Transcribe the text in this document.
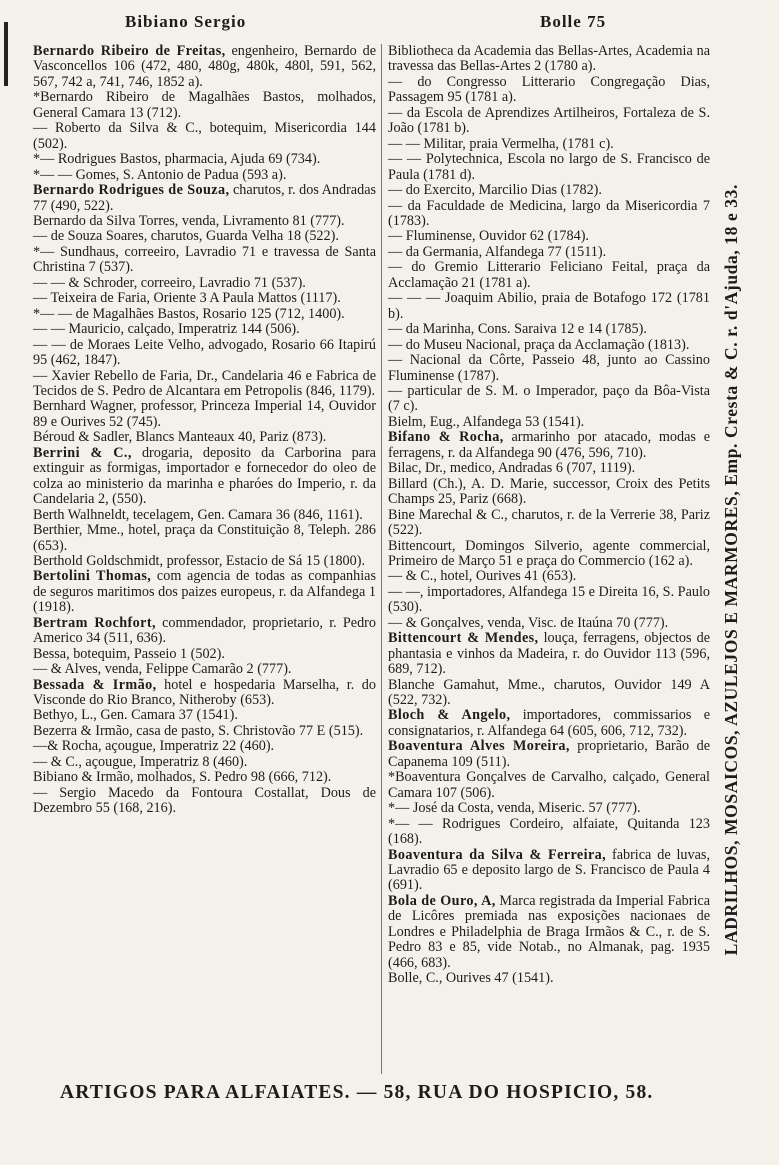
Bibiano Sergio	Bolle 75
Bernardo Ribeiro de Freitas, engenheiro, Bernardo de Vasconcellos 106 (472, 480, 480g, 480k, 480l, 591, 562, 567, 742 a, 741, 746, 1852 a).
*Bernardo Ribeiro de Magalhães Bastos, molhados, General Camara 13 (712).
— Roberto da Silva & C., botequim, Misericordia 144 (502).
*— Rodrigues Bastos, pharmacia, Ajuda 69 (734).
*— — Gomes, S. Antonio de Padua (593 a).
Bernardo Rodrigues de Souza, charutos, r. dos Andradas 77 (490, 522).
Bernardo da Silva Torres, venda, Livramento 81 (777).
— de Souza Soares, charutos, Guarda Velha 18 (522).
*— Sundhaus, correeiro, Lavradio 71 e travessa de Santa Christina 7 (537).
— — & Schroder, correeiro, Lavradio 71 (537).
— Teixeira de Faria, Oriente 3 A Paula Mattos (1117).
*— — de Magalhães Bastos, Rosario 125 (712, 1400).
— — Mauricio, calçado, Imperatriz 144 (506).
— — de Moraes Leite Velho, advogado, Rosario 66 Itapirú 95 (462, 1847).
— Xavier Rebello de Faria, Dr., Candelaria 46 e Fabrica de Tecidos de S. Pedro de Alcantara em Petropolis (846, 1179).
Bernhard Wagner, professor, Princeza Imperial 14, Ouvidor 89 e Ourives 52 (745).
Béroud & Sadler, Blancs Manteaux 40, Pariz (873).
Berrini & C., drogaria, deposito da Carborina para extinguir as formigas, importador e fornecedor do oleo de colza ao ministerio da marinha e pharóes do Imperio, r. da Candelaria 2, (550).
Berth Walhneldt, tecelagem, Gen. Camara 36 (846, 1161).
Berthier, Mme., hotel, praça da Constituição 8, Teleph. 286 (653).
Berthold Goldschmidt, professor, Estacio de Sá 15 (1800).
Bertolini Thomas, com agencia de todas as companhias de seguros maritimos dos paizes europeus, r. da Alfandega 1 (1918).
Bertram Rochfort, commendador, proprietario, r. Pedro Americo 34 (511, 636).
Bessa, botequim, Passeio 1 (502).
— & Alves, venda, Felippe Camarão 2 (777).
Bessada & Irmão, hotel e hospedaria Marselha, r. do Visconde do Rio Branco, Nitheroby (653).
Bethyo, L., Gen. Camara 37 (1541).
Bezerra & Irmão, casa de pasto, S. Christovão 77 E (515).
—& Rocha, açougue, Imperatriz 22 (460).
— & C., açougue, Imperatriz 8 (460).
Bibiano & Irmão, molhados, S. Pedro 98 (666, 712).
— Sergio Macedo da Fontoura Costallat, Dous de Dezembro 55 (168, 216).
Bibliotheca da Academia das Bellas-Artes, Academia na travessa das Bellas-Artes 2 (1780 a).
— do Congresso Litterario Congregação Dias, Passagem 95 (1781 a).
— da Escola de Aprendizes Artilheiros, Fortaleza de S. João (1781 b).
— — Militar, praia Vermelha, (1781 c).
— — Polytechnica, Escola no largo de S. Francisco de Paula (1781 d).
— do Exercito, Marcilio Dias (1782).
— da Faculdade de Medicina, largo da Misericordia 7 (1783).
— Fluminense, Ouvidor 62 (1784).
— da Germania, Alfandega 77 (1511).
— do Gremio Litterario Feliciano Feital, praça da Acclamação 21 (1781 a).
— — — Joaquim Abilio, praia de Botafogo 172 (1781 b).
— da Marinha, Cons. Saraiva 12 e 14 (1785).
— do Museu Nacional, praça da Acclamação (1813).
— Nacional da Côrte, Passeio 48, junto ao Cassino Fluminense (1787).
— particular de S. M. o Imperador, paço da Bôa-Vista (7 c).
Bielm, Eug., Alfandega 53 (1541).
Bifano & Rocha, armarinho por atacado, modas e ferragens, r. da Alfandega 90 (476, 596, 710).
Bilac, Dr., medico, Andradas 6 (707, 1119).
Billard (Ch.), A. D. Marie, successor, Croix des Petits Champs 25, Pariz (668).
Bine Marechal & C., charutos, r. de la Verrerie 38, Pariz (522).
Bittencourt, Domingos Silverio, agente commercial, Primeiro de Março 51 e praça do Commercio (162 a).
— & C., hotel, Ourives 41 (653).
— —, importadores, Alfandega 15 e Direita 16, S. Paulo (530).
— & Gonçalves, venda, Visc. de Itaúna 70 (777).
Bittencourt & Mendes, louça, ferragens, objectos de phantasia e vinhos da Madeira, r. do Ouvidor 113 (596, 689, 712).
Blanche Gamahut, Mme., charutos, Ouvidor 149 A (522, 732).
Bloch & Angelo, importadores, commissarios e consignatarios, r. Alfandega 64 (605, 606, 712, 732).
Boaventura Alves Moreira, proprietario, Barão de Capanema 109 (511).
*Boaventura Gonçalves de Carvalho, calçado, General Camara 107 (506).
*— José da Costa, venda, Miseric. 57 (777).
*— — Rodrigues Cordeiro, alfaiate, Quitanda 123 (168).
Boaventura da Silva & Ferreira, fabrica de luvas, Lavradio 65 e deposito largo de S. Francisco de Paula 4 (691).
Bola de Ouro, A, Marca registrada da Imperial Fabrica de Licôres premiada nas exposições nacionaes de Londres e Philadelphia de Braga Irmãos & C., r. de S. Pedro 83 e 85, vide Notab., no Almanak, pag. 1935 (466, 683).
Bolle, C., Ourives 47 (1541).
LADRILHOS, MOSAICOS, AZULEJOS E MARMORES, Emp. Cresta & C. r. d'Ajuda, 18 e 33.
ARTIGOS PARA ALFAIATES. — 58, RUA DO HOSPICIO, 58.
